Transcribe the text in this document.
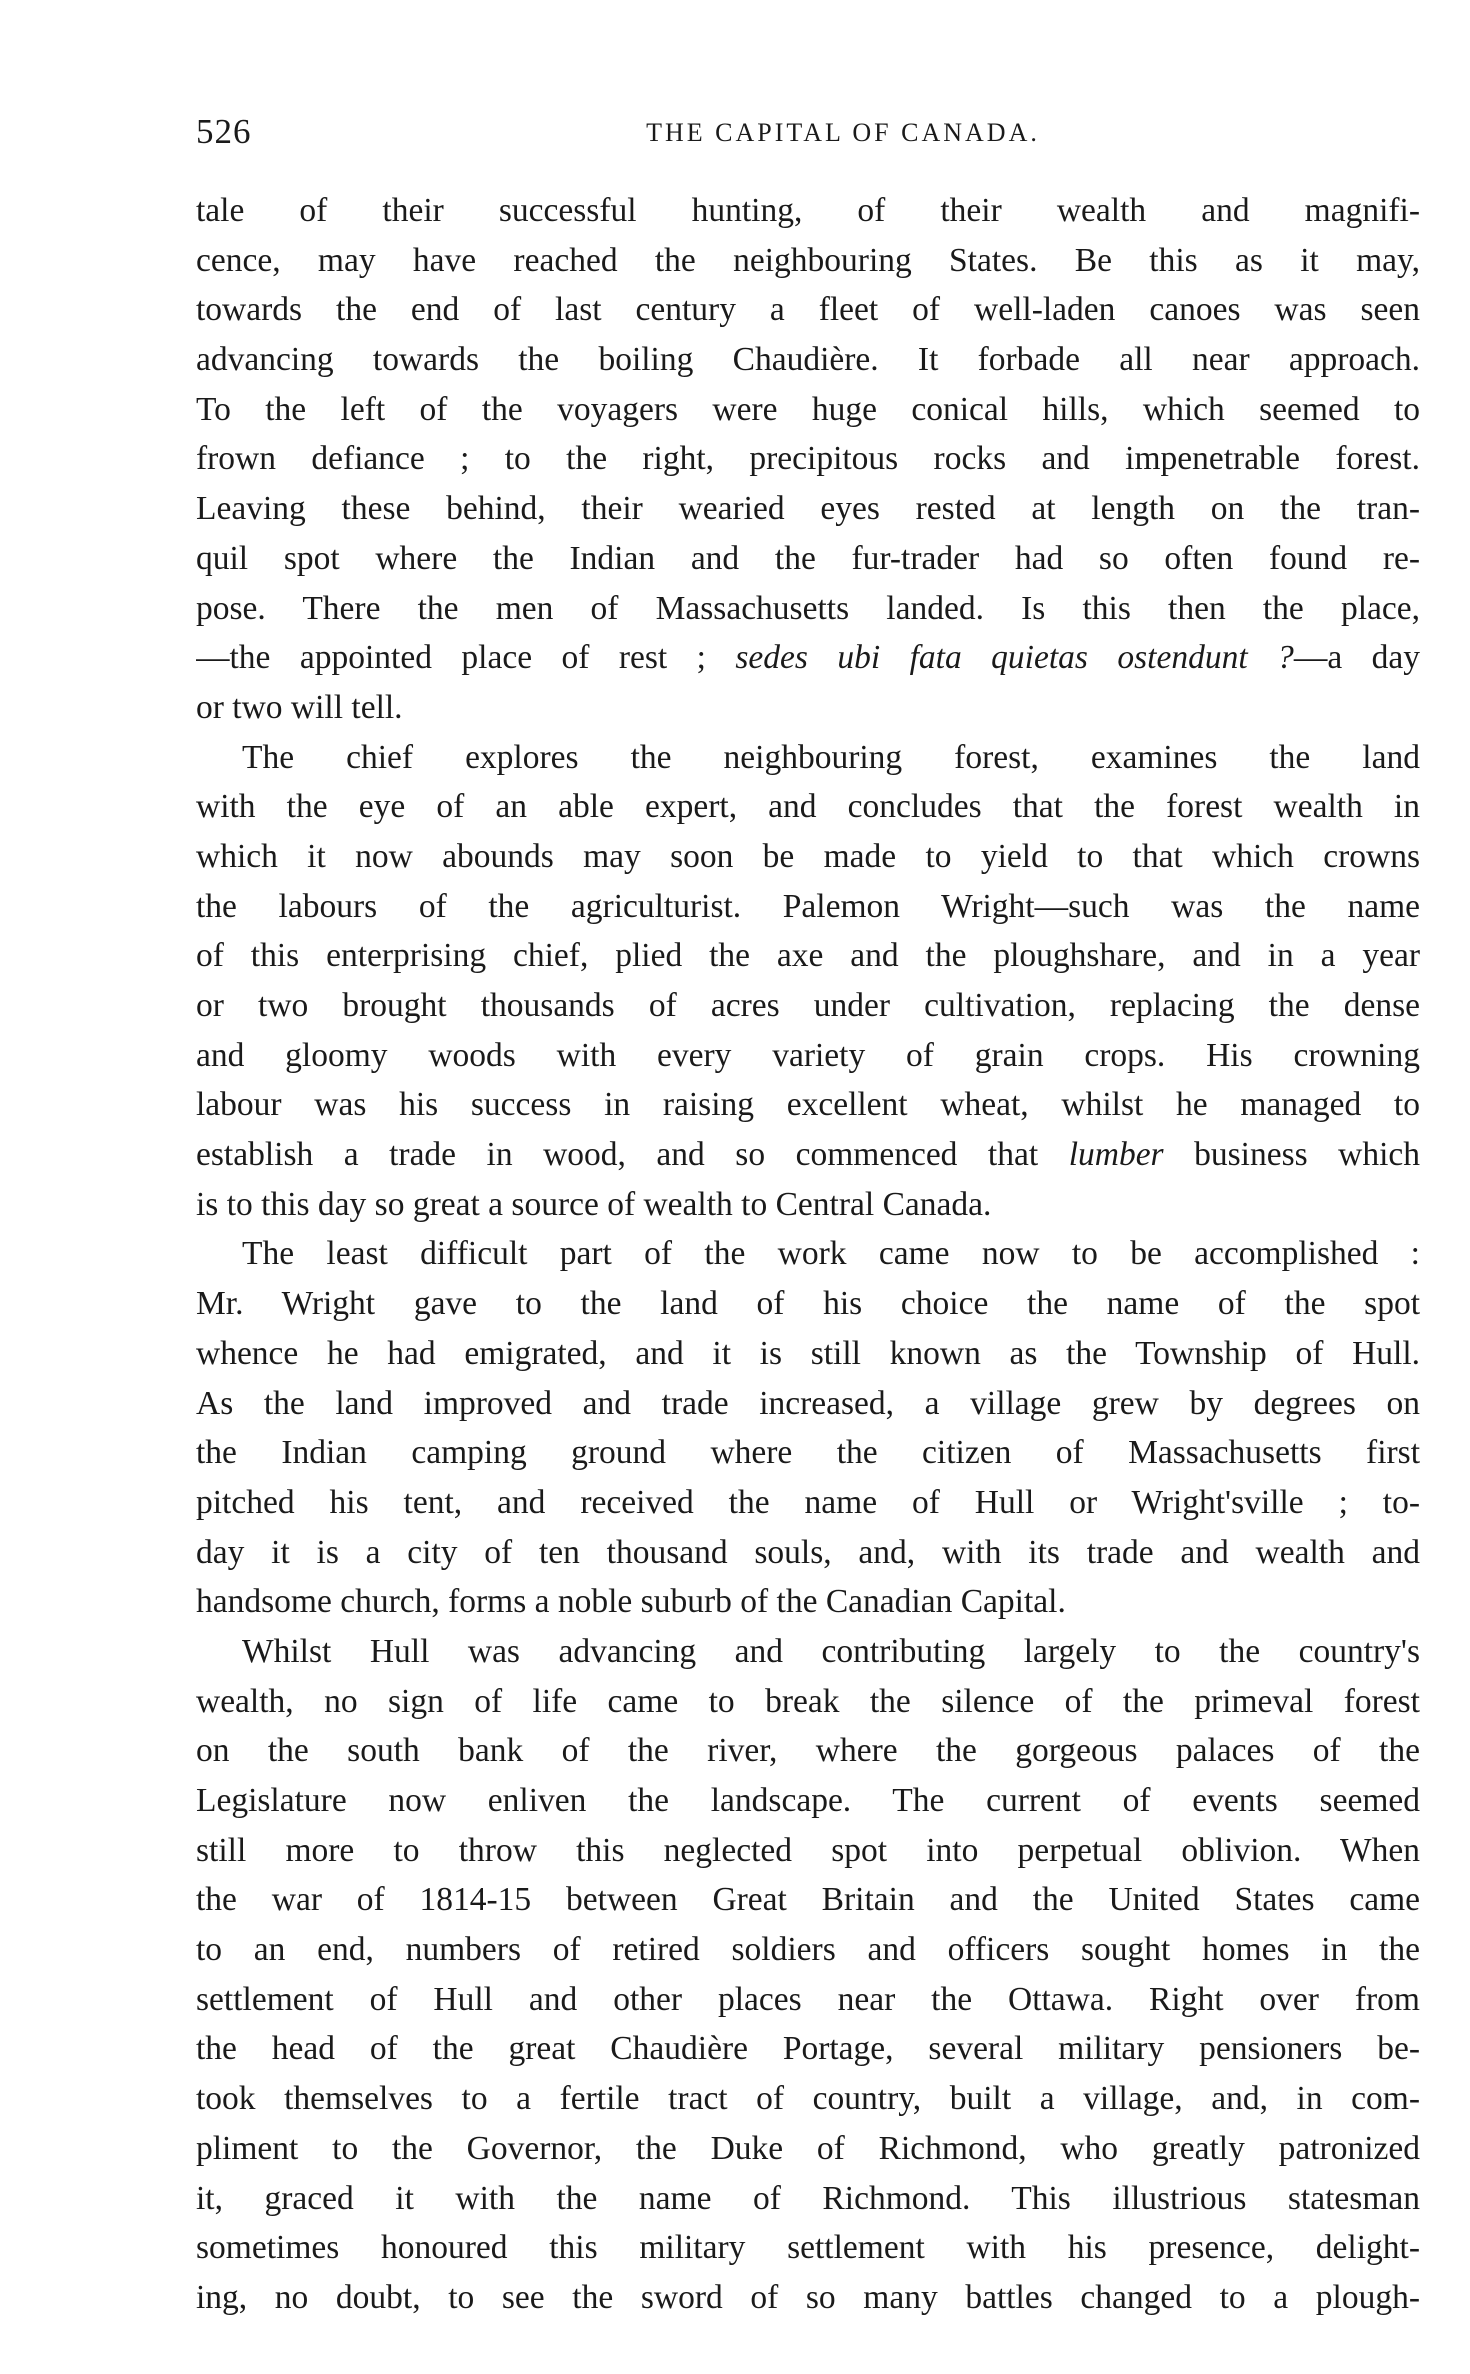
526	THE CAPITAL OF CANADA.
tale of their successful hunting, of their wealth and magnifi-
cence, may have reached the neighbouring States. Be this as it may,
towards the end of last century a fleet of well-laden canoes was seen
advancing towards the boiling Chaudière. It forbade all near approach.
To the left of the voyagers were huge conical hills, which seemed to
frown defiance ; to the right, precipitous rocks and impenetrable forest.
Leaving these behind, their wearied eyes rested at length on the tran-
quil spot where the Indian and the fur-trader had so often found re-
pose. There the men of Massachusetts landed. Is this then the place,
—the appointed place of rest ; sedes ubi fata quietas ostendunt ?—a day
or two will tell.
The chief explores the neighbouring forest, examines the land
with the eye of an able expert, and concludes that the forest wealth in
which it now abounds may soon be made to yield to that which crowns
the labours of the agriculturist. Palemon Wright—such was the name
of this enterprising chief, plied the axe and the ploughshare, and in a year
or two brought thousands of acres under cultivation, replacing the dense
and gloomy woods with every variety of grain crops. His crowning
labour was his success in raising excellent wheat, whilst he managed to
establish a trade in wood, and so commenced that lumber business which
is to this day so great a source of wealth to Central Canada.
The least difficult part of the work came now to be accomplished :
Mr. Wright gave to the land of his choice the name of the spot
whence he had emigrated, and it is still known as the Township of Hull.
As the land improved and trade increased, a village grew by degrees on
the Indian camping ground where the citizen of Massachusetts first
pitched his tent, and received the name of Hull or Wright'sville ; to-
day it is a city of ten thousand souls, and, with its trade and wealth and
handsome church, forms a noble suburb of the Canadian Capital.
Whilst Hull was advancing and contributing largely to the country's
wealth, no sign of life came to break the silence of the primeval forest
on the south bank of the river, where the gorgeous palaces of the
Legislature now enliven the landscape. The current of events seemed
still more to throw this neglected spot into perpetual oblivion. When
the war of 1814-15 between Great Britain and the United States came
to an end, numbers of retired soldiers and officers sought homes in the
settlement of Hull and other places near the Ottawa. Right over from
the head of the great Chaudière Portage, several military pensioners be-
took themselves to a fertile tract of country, built a village, and, in com-
pliment to the Governor, the Duke of Richmond, who greatly patronized
it, graced it with the name of Richmond. This illustrious statesman
sometimes honoured this military settlement with his presence, delight-
ing, no doubt, to see the sword of so many battles changed to a plough-
